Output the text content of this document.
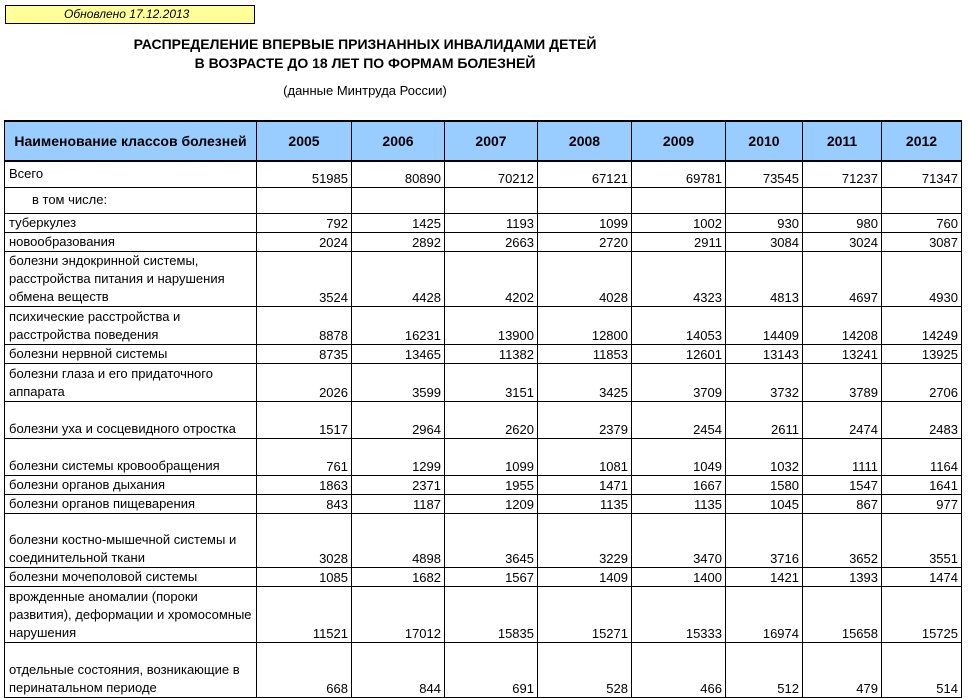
Обновлено 17.12.2013
РАСПРЕДЕЛЕНИЕ ВПЕРВЫЕ ПРИЗНАННЫХ ИНВАЛИДАМИ ДЕТЕЙ
В ВОЗРАСТЕ ДО 18 ЛЕТ ПО ФОРМАМ БОЛЕЗНЕЙ

(данные Минтруда России)

Наименование классов болезней	2005	2006	2007	2008	2009	2010	2011	2012
Всего	51985	80890	70212	67121	69781	73545	71237	71347
в том числе:								
туберкулез	792	1425	1193	1099	1002	930	980	760
новообразования	2024	2892	2663	2720	2911	3084	3024	3087
болезни эндокринной системы, расстройства питания и нарушения обмена веществ	3524	4428	4202	4028	4323	4813	4697	4930
психические расстройства и расстройства поведения	8878	16231	13900	12800	14053	14409	14208	14249
болезни нервной системы	8735	13465	11382	11853	12601	13143	13241	13925
болезни глаза и его придаточного аппарата	2026	3599	3151	3425	3709	3732	3789	2706
болезни уха и сосцевидного отростка	1517	2964	2620	2379	2454	2611	2474	2483
болезни системы кровообращения	761	1299	1099	1081	1049	1032	1111	1164
болезни органов дыхания	1863	2371	1955	1471	1667	1580	1547	1641
болезни органов пищеварения	843	1187	1209	1135	1135	1045	867	977
болезни костно-мышечной системы и соединительной ткани	3028	4898	3645	3229	3470	3716	3652	3551
болезни мочеполовой системы	1085	1682	1567	1409	1400	1421	1393	1474
врожденные аномалии (пороки развития), деформации и хромосомные нарушения	11521	17012	15835	15271	15333	16974	15658	15725
отдельные состояния, возникающие в перинатальном периоде	668	844	691	528	466	512	479	514
